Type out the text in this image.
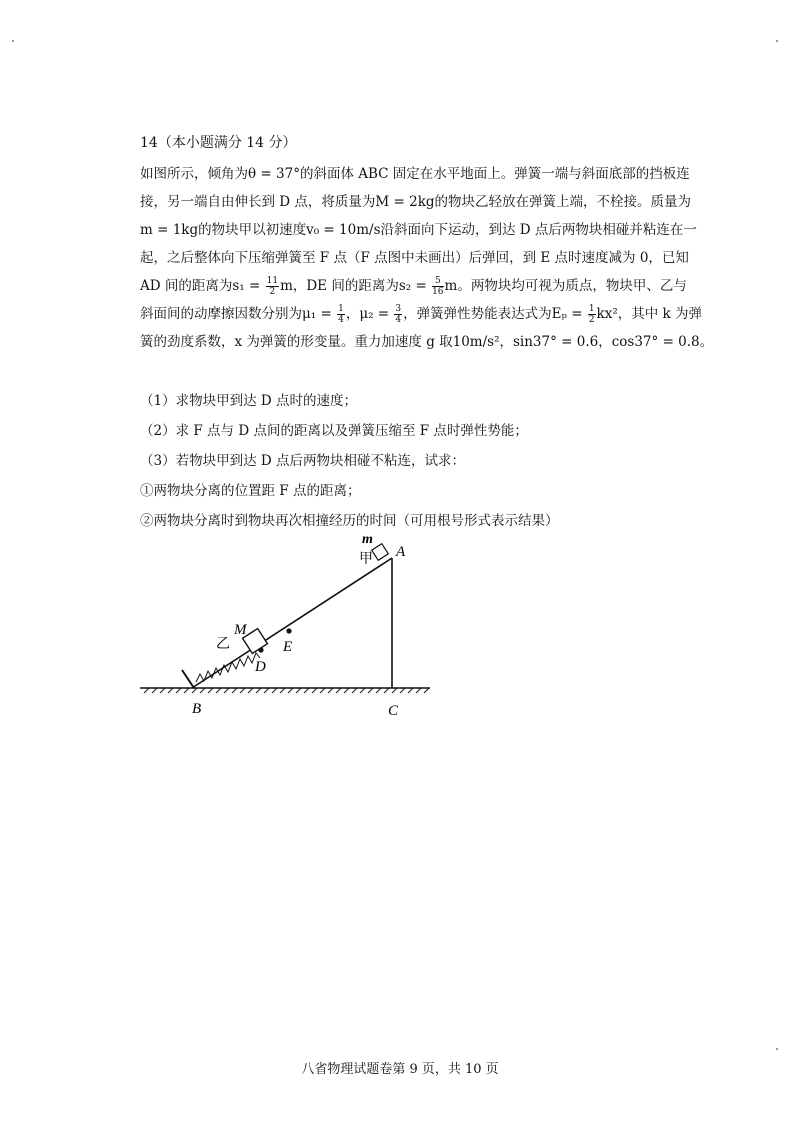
14（本小题满分 14 分）
如图所示，倾角为θ = 37°的斜面体 ABC 固定在水平地面上。弹簧一端与斜面底部的挡板连
接，另一端自由伸长到 D 点，将质量为M = 2kg的物块乙轻放在弹簧上端，不栓接。质量为
m = 1kg的物块甲以初速度v₀ = 10m/s沿斜面向下运动，到达 D 点后两物块相碰并粘连在一
起，之后整体向下压缩弹簧至 F 点（F 点图中未画出）后弹回，到 E 点时速度减为 0，已知
AD 间的距离为$s_1 = \frac{11}{2}$ m，DE 间的距离为$s_2 = \frac{5}{16}$ m。两物块均可视为质点，物块甲、乙与
斜面间的动摩擦因数分别为$\mu_1 = \frac{1}{4}$ ，$\mu_2 = \frac{3}{4}$ ，弹簧弹性势能表达式为$E_p = \frac{1}{2} kx^2$，其中 k 为弹
簧的劲度系数，x 为弹簧的形变量。重力加速度 g 取10m/s²，sin37° = 0.6，cos37° = 0.8。
（1）求物块甲到达 D 点时的速度；
（2）求 F 点与 D 点间的距离以及弹簧压缩至 F 点时弹性势能；
（3）若物块甲到达 D 点后两物块相碰不粘连，试求：
①两物块分离的位置距 F 点的距离；
②两物块分离时到物块再次相撞经历的时间（可用根号形式表示结果）
m
甲 A
M
乙
D
E
B	C
八省物理试题卷第 9 页，共 10 页
